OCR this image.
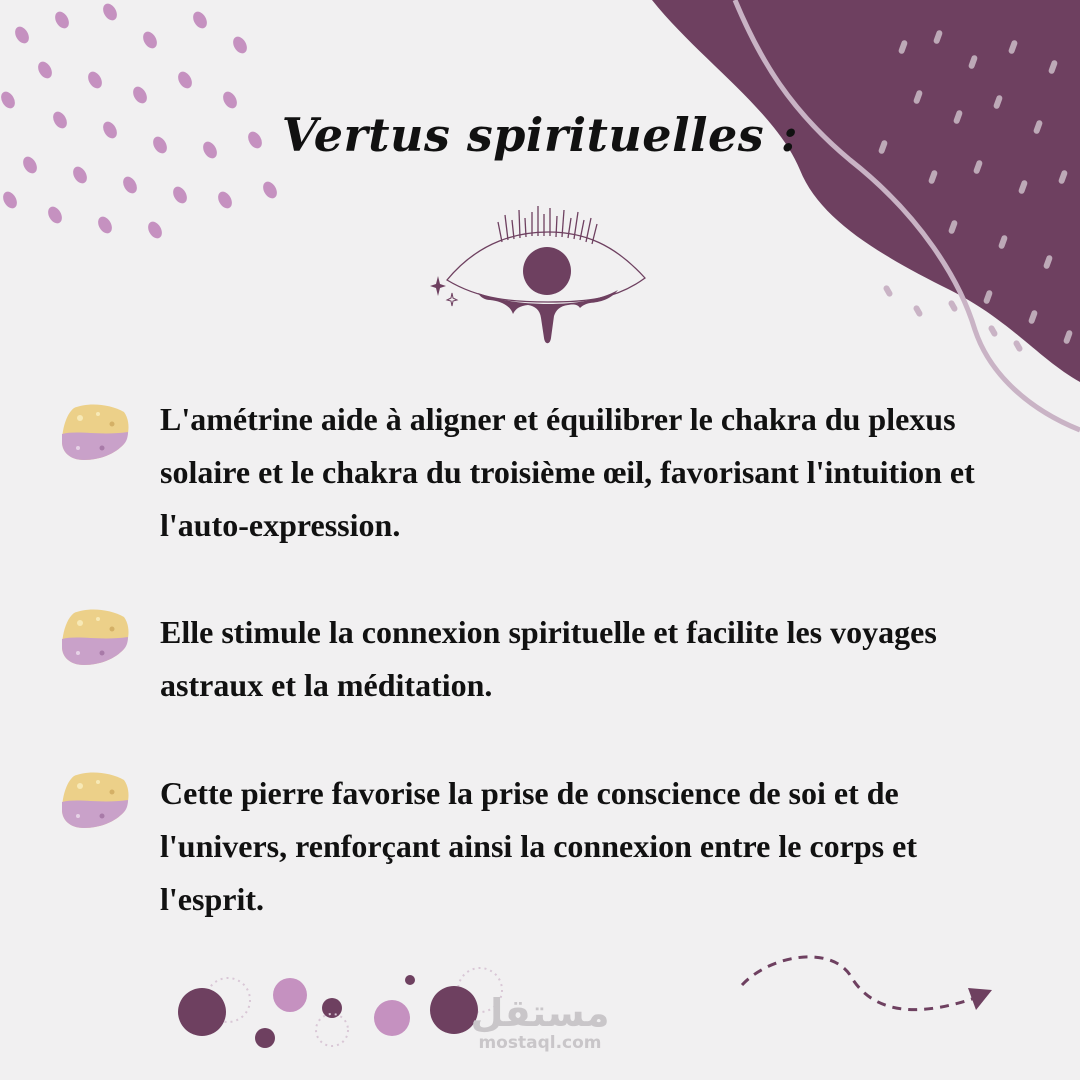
Vertus spirituelles :
L'amétrine aide à aligner et équilibrer le chakra du plexus solaire et le chakra du troisième œil, favorisant l'intuition et l'auto-expression.
Elle stimule la connexion spirituelle et facilite les voyages astraux et la méditation.
Cette pierre favorise la prise de conscience de soi et de l'univers, renforçant ainsi la connexion entre le corps et l'esprit.
مستقل
mostaql.com
